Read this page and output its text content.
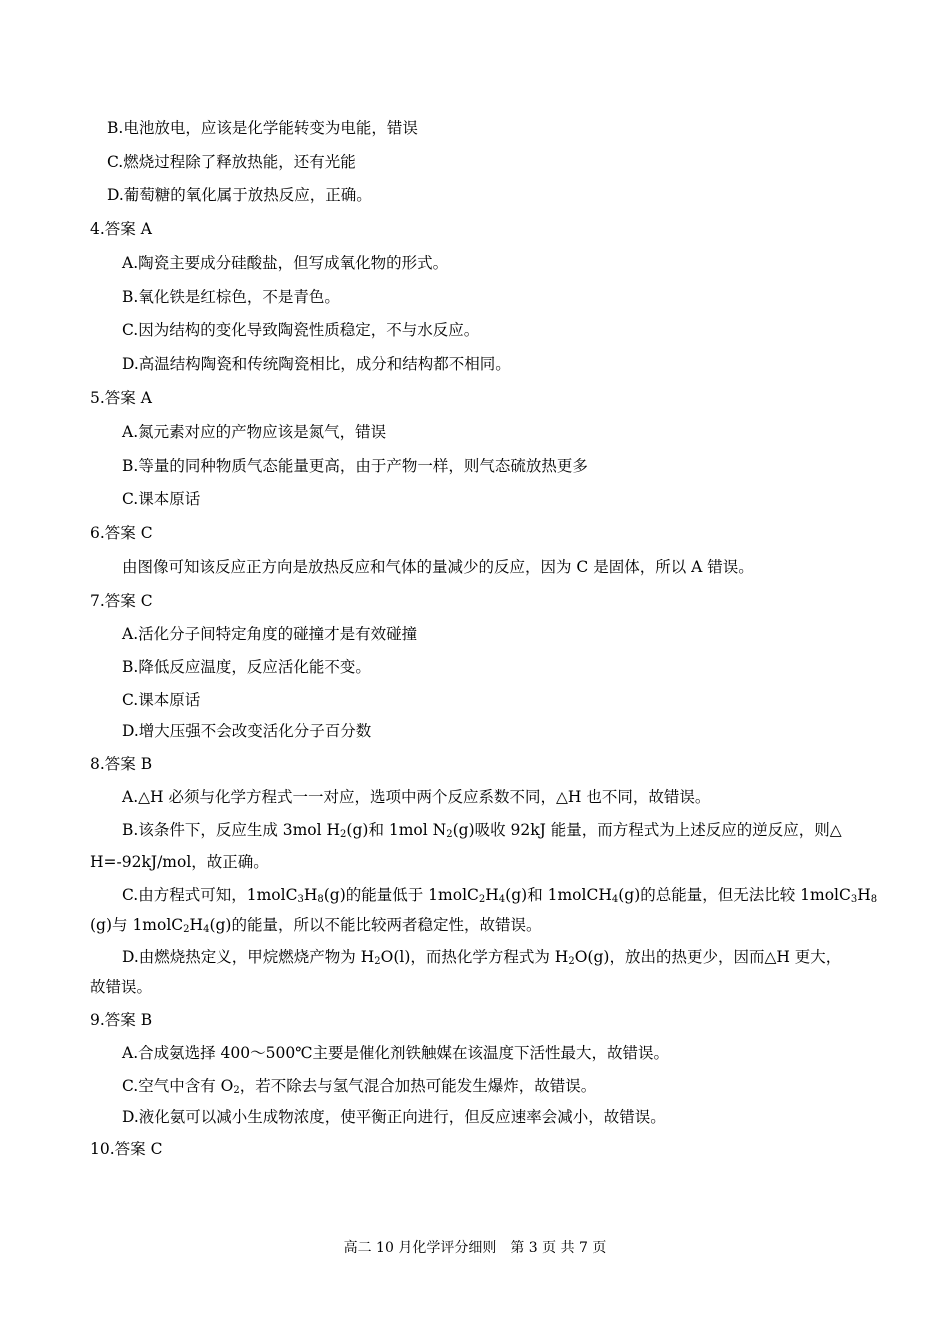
B.电池放电，应该是化学能转变为电能，错误
C.燃烧过程除了释放热能，还有光能
D.葡萄糖的氧化属于放热反应，正确。
4.答案 A
A.陶瓷主要成分硅酸盐，但写成氧化物的形式。
B.氧化铁是红棕色，不是青色。
C.因为结构的变化导致陶瓷性质稳定，不与水反应。
D.高温结构陶瓷和传统陶瓷相比，成分和结构都不相同。
5.答案 A
A.氮元素对应的产物应该是氮气，错误
B.等量的同种物质气态能量更高，由于产物一样，则气态硫放热更多
C.课本原话
6.答案 C
由图像可知该反应正方向是放热反应和气体的量减少的反应，因为 C 是固体，所以 A 错误。
7.答案 C
A.活化分子间特定角度的碰撞才是有效碰撞
B.降低反应温度，反应活化能不变。
C.课本原话
D.增大压强不会改变活化分子百分数
8.答案 B
A.△H 必须与化学方程式一一对应，选项中两个反应系数不同，△H 也不同，故错误。
B.该条件下，反应生成 3mol $H_2(g)$和 1mol $N_2(g)$吸收 92kJ 能量，而方程式为上述反应的逆反应，则△
H=-92kJ/mol，故正确。
C.由方程式可知，$1molC_3H_8(g)$的能量低于 $1molC_2H_4(g)$和 1molCH$_4$(g)的总能量，但无法比较 $1molC_3H_8$
(g)与 $1molC_2H_4(g)$的能量，所以不能比较两者稳定性，故错误。
D.由燃烧热定义，甲烷燃烧产物为 $H_2O(l)$，而热化学方程式为 $H_2O(g)$，放出的热更少，因而△H 更大，
故错误。
9.答案 B
A.合成氨选择 400～500℃主要是催化剂铁触媒在该温度下活性最大，故错误。
C.空气中含有 $O_2$，若不除去与氢气混合加热可能发生爆炸，故错误。
D.液化氨可以减小生成物浓度，使平衡正向进行，但反应速率会减小，故错误。
10.答案 C
高二 10 月化学评分细则　第 3 页 共 7 页
